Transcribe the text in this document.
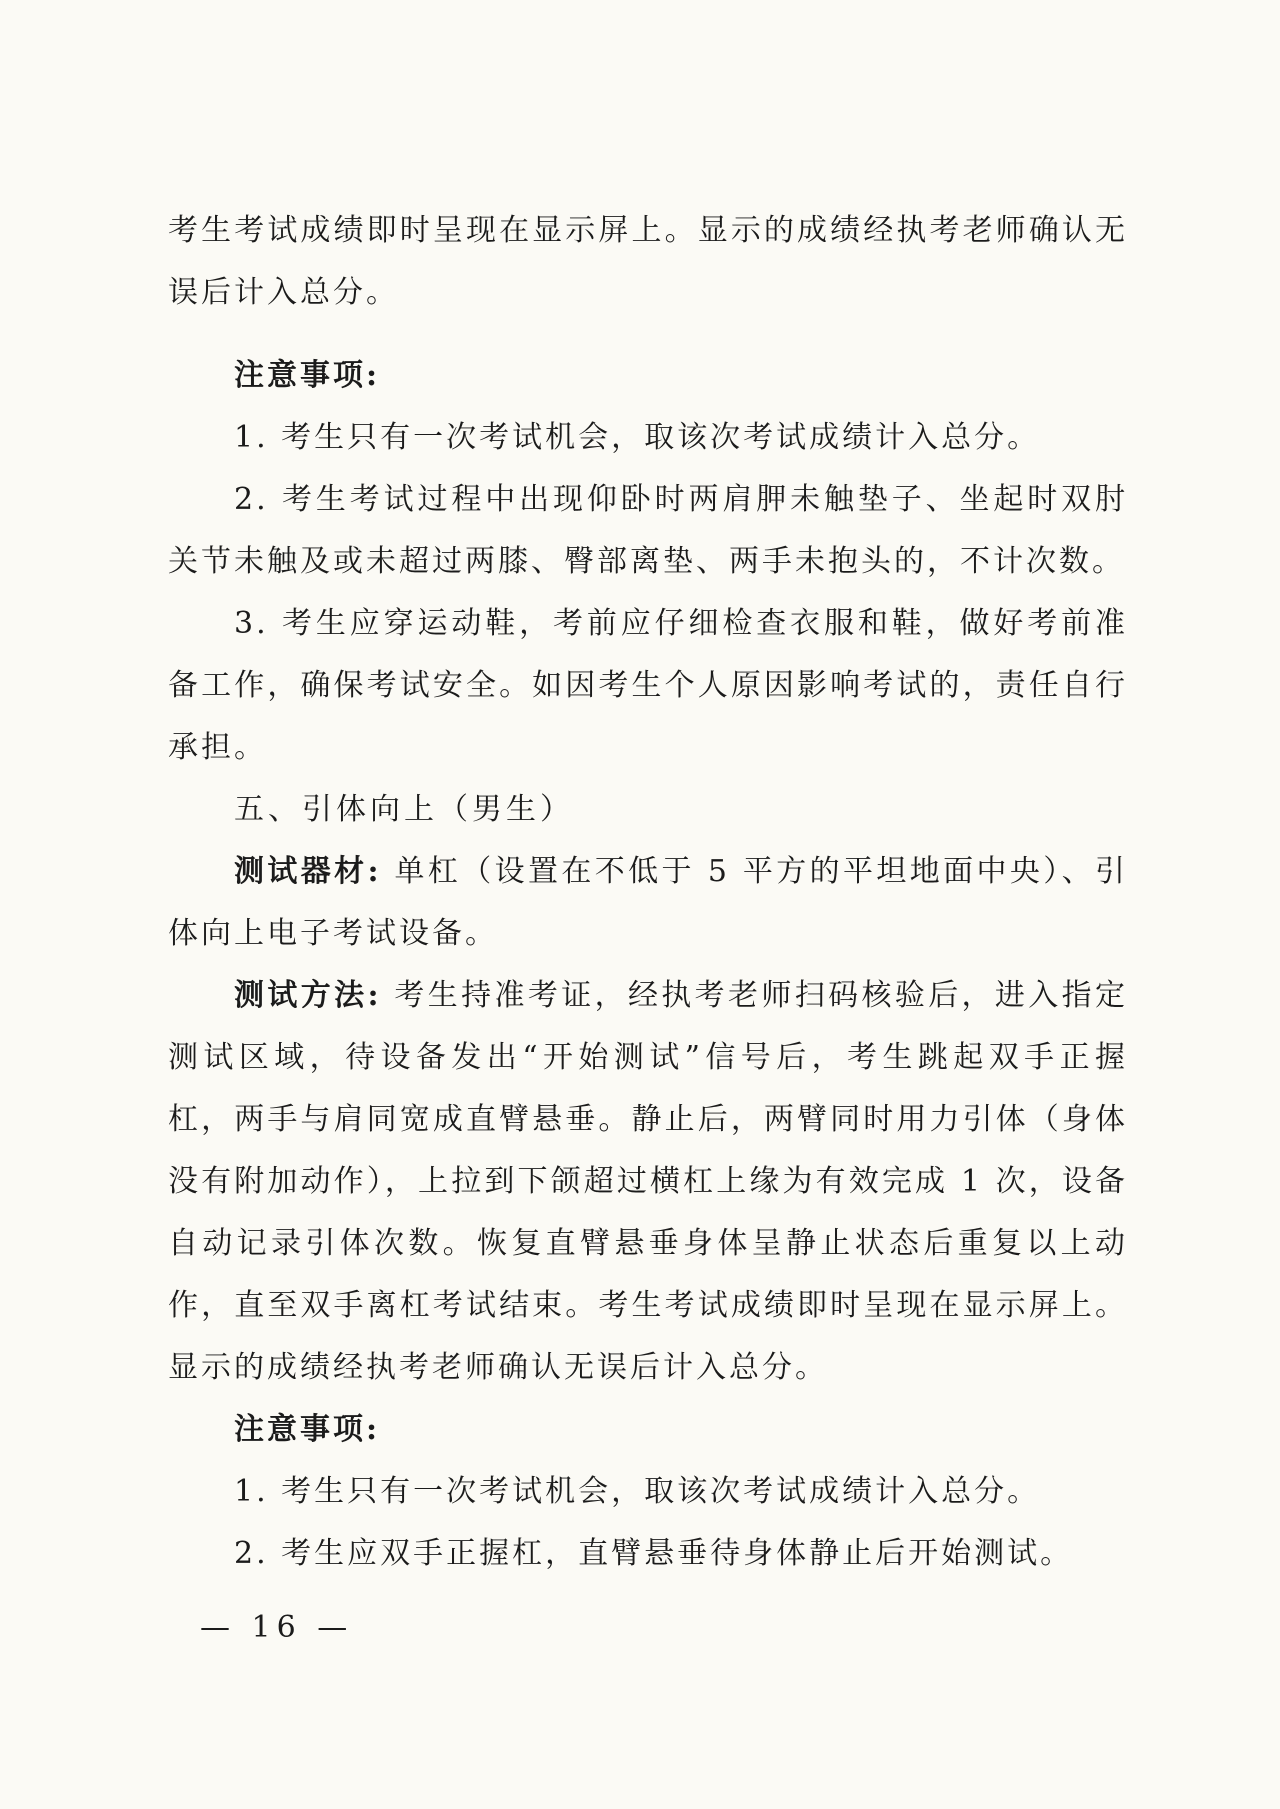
考生考试成绩即时呈现在显示屏上。显示的成绩经执考老师确认无误后计入总分。

注意事项:

1. 考生只有一次考试机会，取该次考试成绩计入总分。

2. 考生考试过程中出现仰卧时两肩胛未触垫子、坐起时双肘关节未触及或未超过两膝、臀部离垫、两手未抱头的，不计次数。

3. 考生应穿运动鞋，考前应仔细检查衣服和鞋，做好考前准备工作，确保考试安全。如因考生个人原因影响考试的，责任自行承担。

五、引体向上（男生）

测试器材: 单杠（设置在不低于 5 平方的平坦地面中央）、引体向上电子考试设备。

测试方法: 考生持准考证，经执考老师扫码核验后，进入指定测试区域，待设备发出“开始测试”信号后，考生跳起双手正握杠，两手与肩同宽成直臂悬垂。静止后，两臂同时用力引体（身体没有附加动作），上拉到下颌超过横杠上缘为有效完成 1 次，设备自动记录引体次数。恢复直臂悬垂身体呈静止状态后重复以上动作，直至双手离杠考试结束。考生考试成绩即时呈现在显示屏上。显示的成绩经执考老师确认无误后计入总分。

注意事项:

1. 考生只有一次考试机会，取该次考试成绩计入总分。

2. 考生应双手正握杠，直臂悬垂待身体静止后开始测试。

— 16 —
